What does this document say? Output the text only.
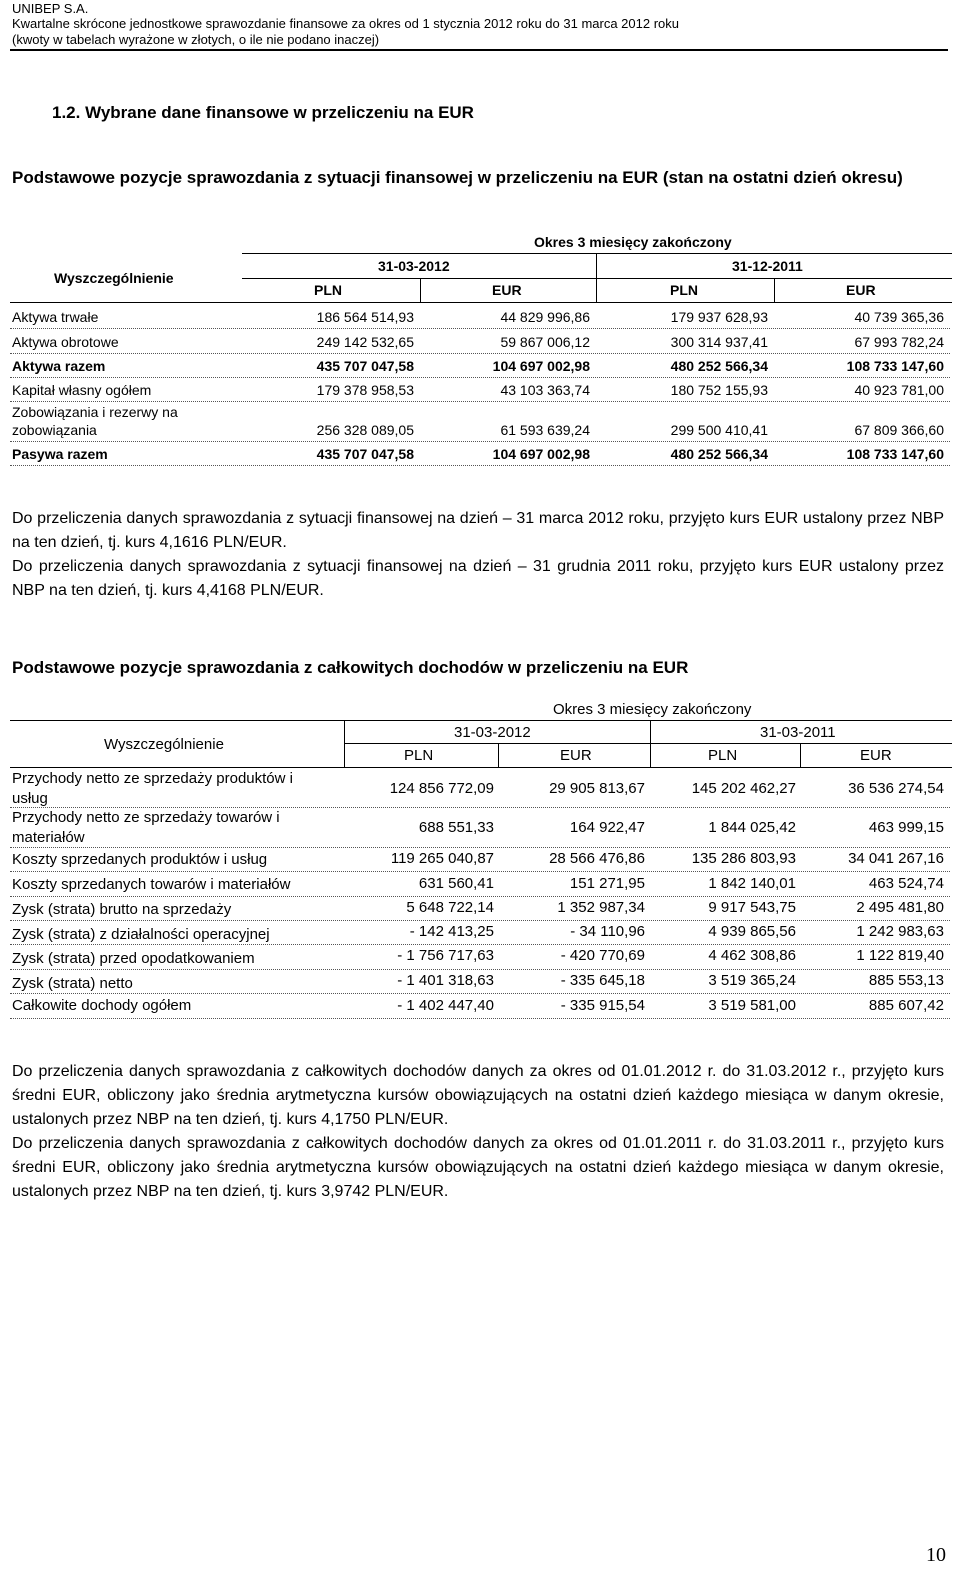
UNIBEP S.A.
Kwartalne skrócone jednostkowe sprawozdanie finansowe za okres od 1 stycznia 2012 roku do 31 marca 2012 roku
(kwoty w tabelach wyrażone w złotych, o ile nie podano inaczej)
1.2. Wybrane dane finansowe w przeliczeniu na EUR
Podstawowe pozycje sprawozdania z sytuacji finansowej w przeliczeniu na EUR (stan na ostatni dzień okresu)
Wyszczególnienie
Okres 3 miesięcy zakończony
31-03-2012	31-12-2011
PLN	EUR	PLN	EUR
Aktywa trwałe	186 564 514,93	44 829 996,86	179 937 628,93	40 739 365,36
Aktywa obrotowe	249 142 532,65	59 867 006,12	300 314 937,41	67 993 782,24
Aktywa razem	435 707 047,58	104 697 002,98	480 252 566,34	108 733 147,60
Kapitał własny ogółem	179 378 958,53	43 103 363,74	180 752 155,93	40 923 781,00
Zobowiązania i rezerwy na
zobowiązania	256 328 089,05	61 593 639,24	299 500 410,41	67 809 366,60
Pasywa razem	435 707 047,58	104 697 002,98	480 252 566,34	108 733 147,60

Do przeliczenia danych sprawozdania z sytuacji finansowej na dzień – 31 marca 2012 roku, przyjęto kurs EUR ustalony przez NBP na ten dzień, tj. kurs 4,1616 PLN/EUR.

Do przeliczenia danych sprawozdania z sytuacji finansowej na dzień – 31 grudnia 2011 roku, przyjęto kurs EUR ustalony przez NBP na ten dzień, tj. kurs 4,4168 PLN/EUR.

Podstawowe pozycje sprawozdania z całkowitych dochodów w przeliczeniu na EUR
Wyszczególnienie
Okres 3 miesięcy zakończony
31-03-2012	31-03-2011
PLN	EUR	PLN	EUR
Przychody netto ze sprzedaży produktów i
usług
124 856 772,09	29 905 813,67	145 202 462,27	36 536 274,54
Przychody netto ze sprzedaży towarów i
materiałów
688 551,33	164 922,47	1 844 025,42	463 999,15
Koszty sprzedanych produktów i usług	119 265 040,87	28 566 476,86	135 286 803,93	34 041 267,16
Koszty sprzedanych towarów i materiałów	631 560,41	151 271,95	1 842 140,01	463 524,74
Zysk (strata) brutto na sprzedaży	5 648 722,14	1 352 987,34	9 917 543,75	2 495 481,80
Zysk (strata) z działalności operacyjnej	- 142 413,25	- 34 110,96	4 939 865,56	1 242 983,63
Zysk (strata) przed opodatkowaniem	- 1 756 717,63	- 420 770,69	4 462 308,86	1 122 819,40
Zysk (strata) netto	- 1 401 318,63	- 335 645,18	3 519 365,24	885 553,13
Całkowite dochody ogółem	- 1 402 447,40	- 335 915,54	3 519 581,00	885 607,42

Do przeliczenia danych sprawozdania z całkowitych dochodów danych za okres od 01.01.2012 r. do 31.03.2012 r., przyjęto kurs średni EUR, obliczony jako średnia arytmetyczna kursów obowiązujących na ostatni dzień każdego miesiąca w danym okresie, ustalonych przez NBP na ten dzień, tj. kurs 4,1750 PLN/EUR.

Do przeliczenia danych sprawozdania z całkowitych dochodów danych za okres od 01.01.2011 r. do 31.03.2011 r., przyjęto kurs średni EUR, obliczony jako średnia arytmetyczna kursów obowiązujących na ostatni dzień każdego miesiąca w danym okresie, ustalonych przez NBP na ten dzień, tj. kurs 3,9742 PLN/EUR.

10
